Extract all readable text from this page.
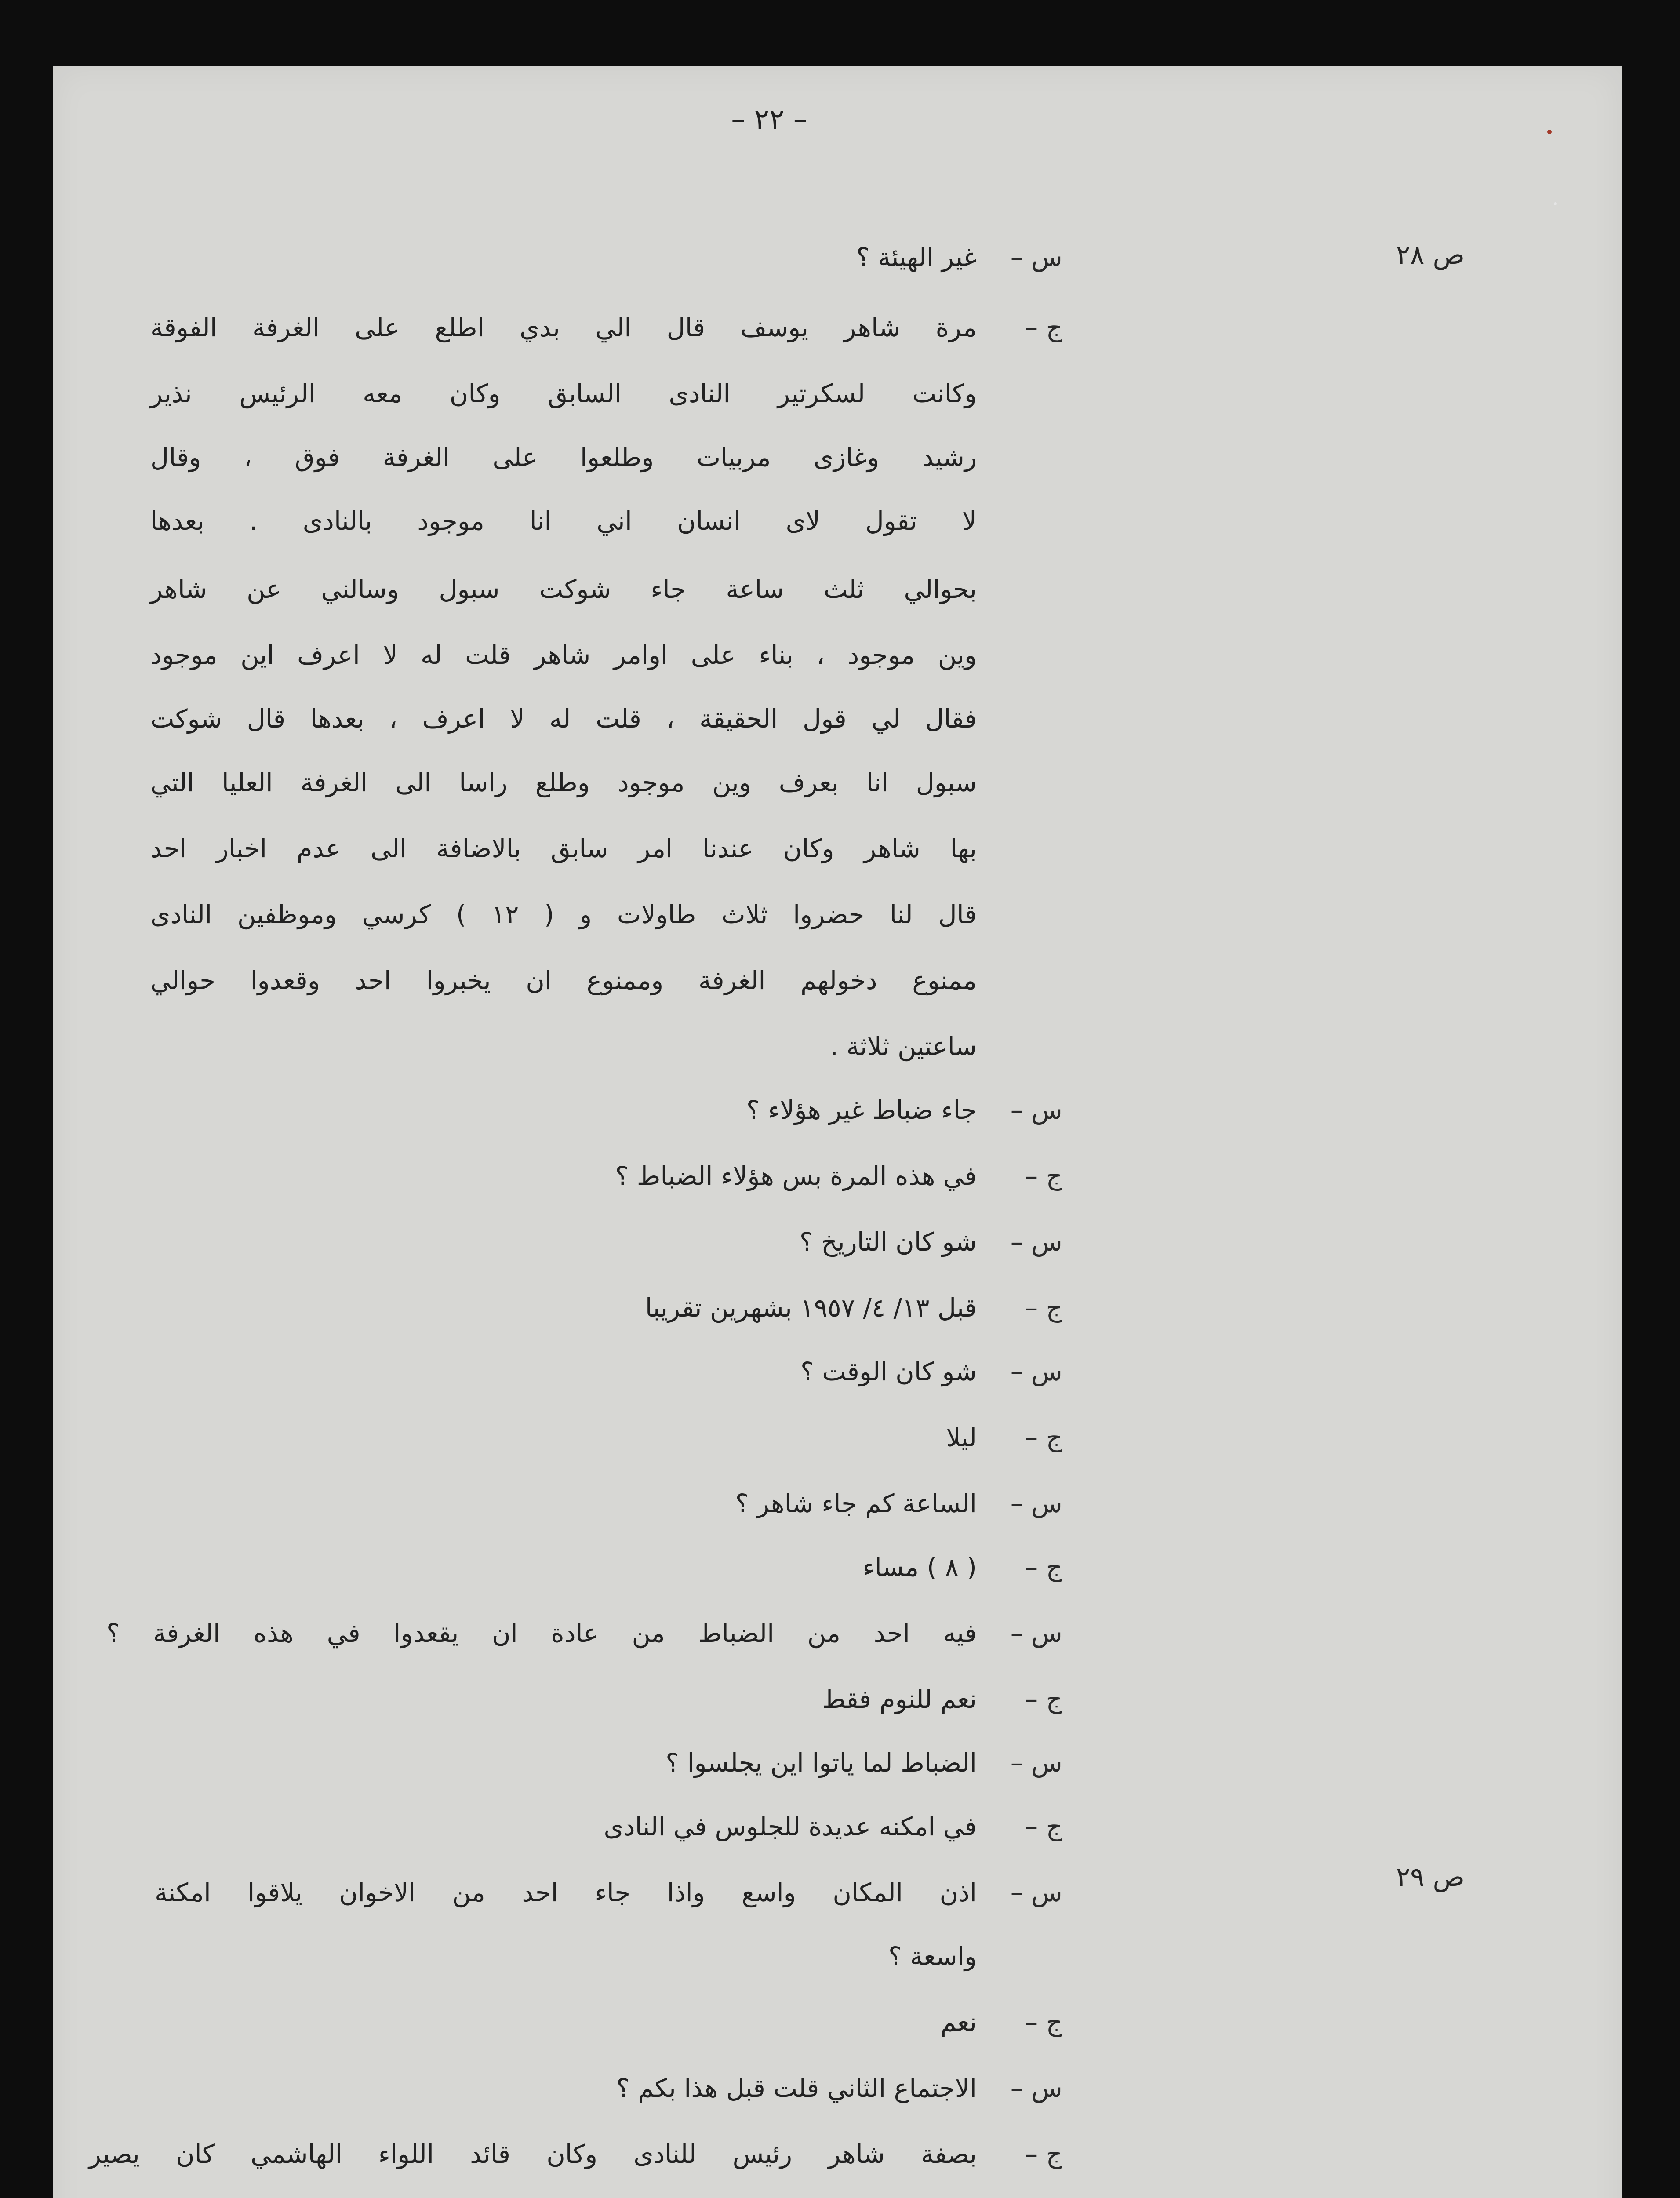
– ٢٢ –
ص ٢٨
ص ٢٩
س –
غير الهيئة ؟
ج –
مرة شاهر يوسف قال الي بدي اطلع على الغرفة الفوقة
وكانت لسكرتير النادى السابق وكان معه الرئيس نذير
رشيد وغازى مربيات وطلعوا على الغرفة فوق ، وقال
لا تقول لاى انسان اني انا موجود بالنادى . بعدها
بحوالي ثلث ساعة جاء شوكت سبول وسالني عن شاهر
وين موجود ، بناء على اوامر شاهر قلت له لا اعرف اين موجود
فقال لي قول الحقيقة ، قلت له لا اعرف ، بعدها قال شوكت
سبول انا بعرف وين موجود وطلع راسا الى الغرفة العليا التي
بها شاهر وكان عندنا امر سابق بالاضافة الى عدم اخبار احد
قال لنا حضروا ثلاث طاولات و ( ١٢ ) كرسي وموظفين النادى
ممنوع دخولهم الغرفة وممنوع ان يخبروا احد وقعدوا حوالي
ساعتين ثلاثة .
س –
جاء ضباط غير هؤلاء ؟
ج –
في هذه المرة بس هؤلاء الضباط ؟
س –
شو كان التاريخ ؟
ج –
قبل ١٣/ ٤/ ١٩٥٧ بشهرين تقريبا
س –
شو كان الوقت ؟
ج –
ليلا
س –
الساعة كم جاء شاهر ؟
ج –
( ٨ ) مساء
س –
فيه احد من الضباط من عادة ان يقعدوا في هذه الغرفة ؟
ج –
نعم للنوم فقط
س –
الضباط لما ياتوا اين يجلسوا ؟
ج –
في امكنه عديدة للجلوس في النادى
س –
اذن المكان واسع واذا جاء احد من الاخوان يلاقوا امكنة
واسعة ؟
ج –
نعم
س –
الاجتماع الثاني قلت قبل هذا بكم ؟
ج –
بصفة شاهر رئيس للنادى وكان قائد اللواء الهاشمي كان يصير
